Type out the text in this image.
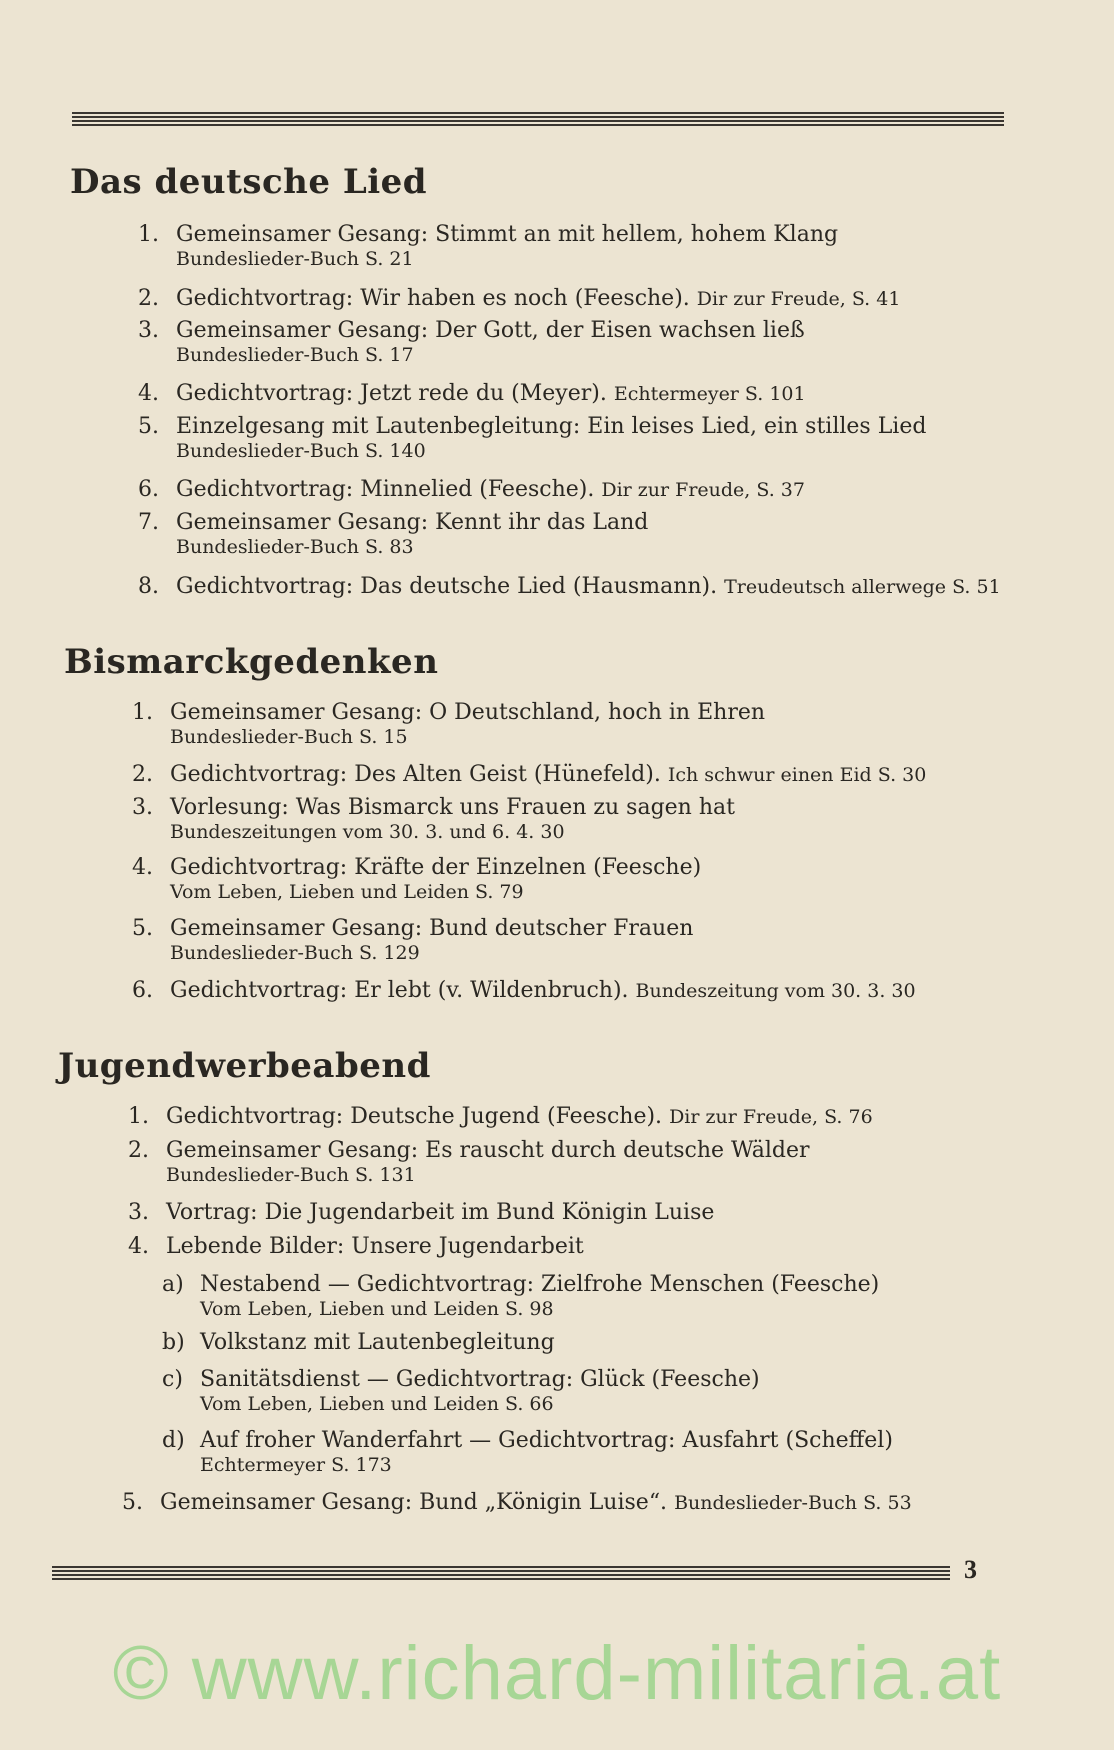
Das deutsche Lied
1. Gemeinsamer Gesang: Stimmt an mit hellem, hohem Klang
Bundeslieder-Buch S. 21
2. Gedichtvortrag: Wir haben es noch (Feesche). Dir zur Freude, S. 41
3. Gemeinsamer Gesang: Der Gott, der Eisen wachsen ließ
Bundeslieder-Buch S. 17
4. Gedichtvortrag: Jetzt rede du (Meyer). Echtermeyer S. 101
5. Einzelgesang mit Lautenbegleitung: Ein leises Lied, ein stilles Lied
Bundeslieder-Buch S. 140
6. Gedichtvortrag: Minnelied (Feesche). Dir zur Freude, S. 37
7. Gemeinsamer Gesang: Kennt ihr das Land
Bundeslieder-Buch S. 83
8. Gedichtvortrag: Das deutsche Lied (Hausmann). Treudeutsch allerwege S. 51
Bismarckgedenken
1. Gemeinsamer Gesang: O Deutschland, hoch in Ehren
Bundeslieder-Buch S. 15
2. Gedichtvortrag: Des Alten Geist (Hünefeld). Ich schwur einen Eid S. 30
3. Vorlesung: Was Bismarck uns Frauen zu sagen hat
Bundeszeitungen vom 30. 3. und 6. 4. 30
4. Gedichtvortrag: Kräfte der Einzelnen (Feesche)
Vom Leben, Lieben und Leiden S. 79
5. Gemeinsamer Gesang: Bund deutscher Frauen
Bundeslieder-Buch S. 129
6. Gedichtvortrag: Er lebt (v. Wildenbruch). Bundeszeitung vom 30. 3. 30
Jugendwerbeabend
1. Gedichtvortrag: Deutsche Jugend (Feesche). Dir zur Freude, S. 76
2. Gemeinsamer Gesang: Es rauscht durch deutsche Wälder
Bundeslieder-Buch S. 131
3. Vortrag: Die Jugendarbeit im Bund Königin Luise
4. Lebende Bilder: Unsere Jugendarbeit
a) Nestabend — Gedichtvortrag: Zielfrohe Menschen (Feesche)
Vom Leben, Lieben und Leiden S. 98
b) Volkstanz mit Lautenbegleitung
c) Sanitätsdienst — Gedichtvortrag: Glück (Feesche)
Vom Leben, Lieben und Leiden S. 66
d) Auf froher Wanderfahrt — Gedichtvortrag: Ausfahrt (Scheffel)
Echtermeyer S. 173
5. Gemeinsamer Gesang: Bund „Königin Luise“. Bundeslieder-Buch S. 53
3
© www.richard-militaria.at
